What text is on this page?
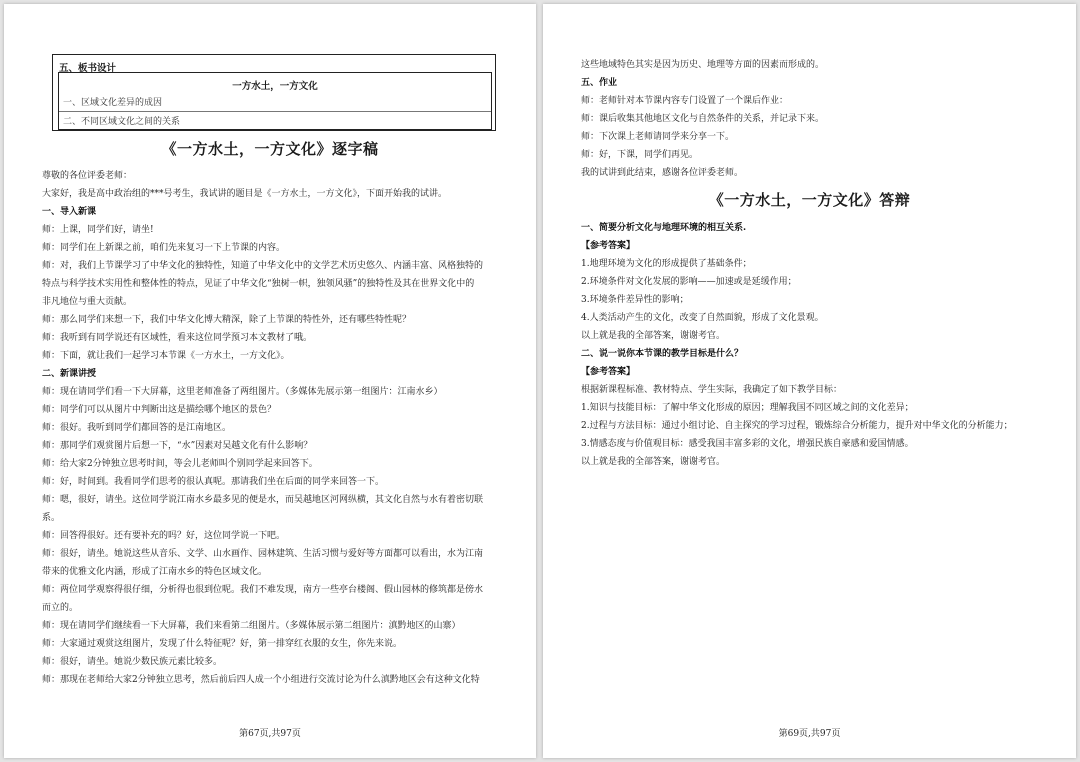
五、板书设计
一方水土，一方文化
一、区域文化差异的成因
二、不同区域文化之间的关系
《一方水土，一方文化》逐字稿
尊敬的各位评委老师：
大家好，我是高中政治组的***号考生，我试讲的题目是《一方水土，一方文化》，下面开始我的试讲。
一、导入新课
师：上课，同学们好，请坐!
师：同学们在上新课之前，咱们先来复习一下上节课的内容。
师：对，我们上节课学习了中华文化的独特性，知道了中华文化中的文学艺术历史悠久、内涵丰富、风格独特的
特点与科学技术实用性和整体性的特点，见证了中华文化“独树一帜，独领风骚”的独特性及其在世界文化中的
非凡地位与重大贡献。
师：那么同学们来想一下，我们中华文化博大精深，除了上节课的特性外，还有哪些特性呢？
师：我听到有同学说还有区域性，看来这位同学预习本文教材了哦。
师：下面，就让我们一起学习本节课《一方水土，一方文化》。
二、新课讲授
师：现在请同学们看一下大屏幕，这里老师准备了两组图片。（多媒体先展示第一组图片：江南水乡）
师：同学们可以从图片中判断出这是描绘哪个地区的景色？
师：很好。我听到同学们都回答的是江南地区。
师：那同学们观赏图片后想一下，“水”因素对吴越文化有什么影响？
师：给大家2分钟独立思考时间，等会儿老师叫个别同学起来回答下。
师：好，时间到。我看同学们思考的很认真呢。那请我们坐在后面的同学来回答一下。
师：嗯，很好，请坐。这位同学说江南水乡最多见的便是水，而吴越地区河网纵横，其文化自然与水有着密切联
系。
师：回答得很好。还有要补充的吗？好，这位同学说一下吧。
师：很好，请坐。她说这些从音乐、文学、山水画作、园林建筑、生活习惯与爱好等方面都可以看出，水为江南
带来的优雅文化内涵，形成了江南水乡的特色区域文化。
师：两位同学观察得很仔细，分析得也很到位呢。我们不难发现，南方一些亭台楼阁、假山园林的修筑都是傍水
而立的。
师：现在请同学们继续看一下大屏幕，我们来看第二组图片。（多媒体展示第二组图片：滇黔地区的山寨）
师：大家通过观赏这组图片，发现了什么特征呢？好，第一排穿红衣服的女生，你先来说。
师：很好，请坐。她说少数民族元素比较多。
师：那现在老师给大家2分钟独立思考，然后前后四人成一个小组进行交流讨论为什么滇黔地区会有这种文化特
第67页,共97页
这些地域特色其实是因为历史、地理等方面的因素而形成的。
五、作业
师：老师针对本节课内容专门设置了一个课后作业：
师：课后收集其他地区文化与自然条件的关系，并记录下来。
师：下次课上老师请同学来分享一下。
师：好，下课，同学们再见。
我的试讲到此结束，感谢各位评委老师。
《一方水土，一方文化》答辩
一、简要分析文化与地理环境的相互关系.
【参考答案】
1.地理环境为文化的形成提供了基础条件；
2.环境条件对文化发展的影响——加速或是延缓作用；
3.环境条件差异性的影响；
4.人类活动产生的文化，改变了自然面貌，形成了文化景观。
以上就是我的全部答案，谢谢考官。
二、说一说你本节课的教学目标是什么？
【参考答案】
根据新课程标准、教材特点、学生实际，我确定了如下教学目标：
1.知识与技能目标：了解中华文化形成的原因；理解我国不同区域之间的文化差异；
2.过程与方法目标：通过小组讨论、自主探究的学习过程，锻炼综合分析能力，提升对中华文化的分析能力；
3.情感态度与价值观目标：感受我国丰富多彩的文化，增强民族自豪感和爱国情感。
以上就是我的全部答案，谢谢考官。
第69页,共97页
